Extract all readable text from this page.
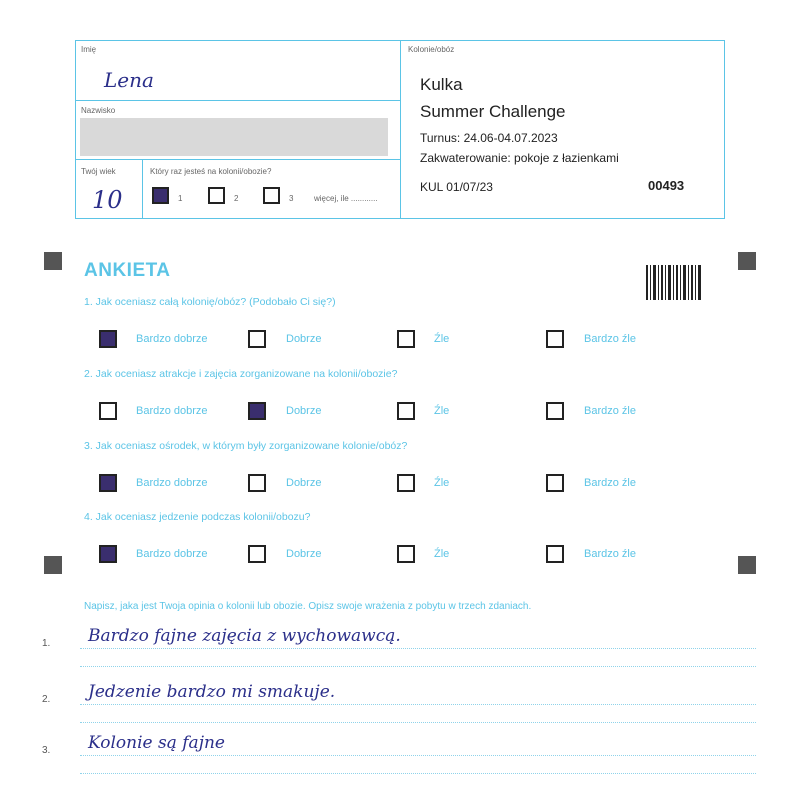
Imię
Lena
Nazwisko
Twój wiek
10
Który raz jesteś na kolonii/obozie?
1	2	3	więcej, ile ............
Kolonie/obóz
Kulka
Summer Challenge
Turnus: 24.06-04.07.2023
Zakwaterowanie: pokoje z łazienkami
KUL 01/07/23	00493
ANKIETA
1. Jak oceniasz całą kolonię/obóz? (Podobało Ci się?)
Bardzo dobrze	Dobrze	Źle	Bardzo źle
2. Jak oceniasz atrakcje i zajęcia zorganizowane na kolonii/obozie?
Bardzo dobrze	Dobrze	Źle	Bardzo źle
3. Jak oceniasz ośrodek, w którym były zorganizowane kolonie/obóz?
Bardzo dobrze	Dobrze	Źle	Bardzo źle
4. Jak oceniasz jedzenie podczas kolonii/obozu?
Bardzo dobrze	Dobrze	Źle	Bardzo źle
Napisz, jaka jest Twoja opinia o kolonii lub obozie. Opisz swoje wrażenia z pobytu w trzech zdaniach.
1. Bardzo fajne zajęcia z wychowawcą.
2. Jedzenie bardzo mi smakuje.
3. Kolonie są fajne
